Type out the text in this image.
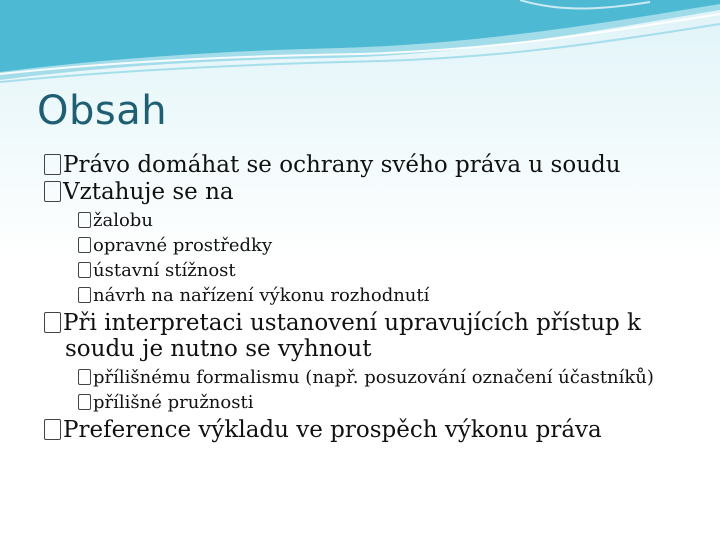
Obsah
Právo domáhat se ochrany svého práva u soudu
Vztahuje se na
žalobu
opravné prostředky
ústavní stížnost
návrh na nařízení výkonu rozhodnutí
Při interpretaci ustanovení upravujících přístup k soudu je nutno se vyhnout
přílišnému formalismu (např. posuzování označení účastníků)
přílišné pružnosti
Preference výkladu ve prospěch výkonu práva
